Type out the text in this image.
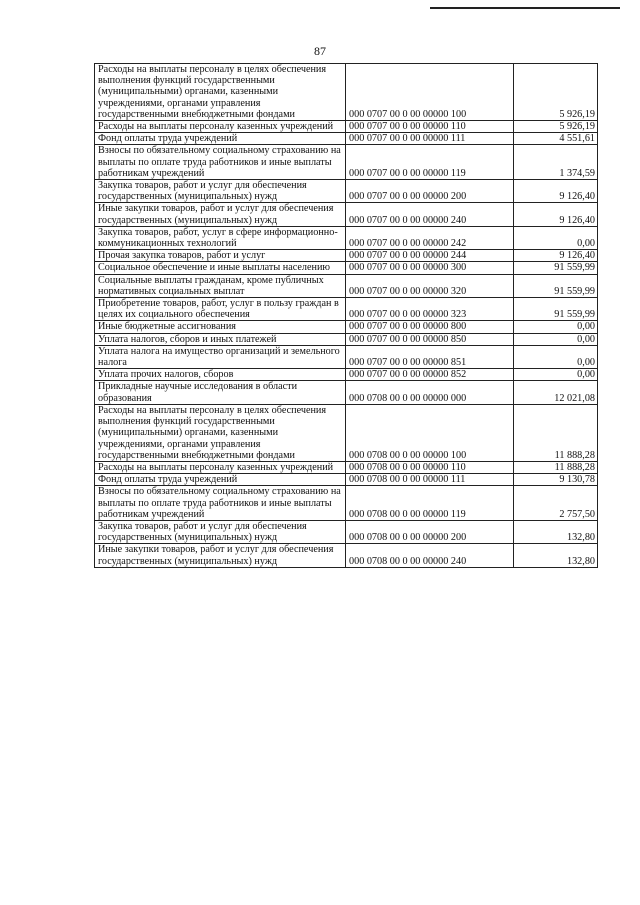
87
Расходы на выплаты персоналу в целях обеспечения выполнения функций государственными (муниципальными) органами, казенными учреждениями, органами управления государственными внебюджетными фондами	000 0707 00 0 00 00000 100	5 926,19
Расходы на выплаты персоналу казенных учреждений	000 0707 00 0 00 00000 110	5 926,19
Фонд оплаты труда учреждений	000 0707 00 0 00 00000 111	4 551,61
Взносы по обязательному социальному страхованию на выплаты по оплате труда работников и иные выплаты работникам учреждений	000 0707 00 0 00 00000 119	1 374,59
Закупка товаров, работ и услуг для обеспечения государственных (муниципальных) нужд	000 0707 00 0 00 00000 200	9 126,40
Иные закупки товаров, работ и услуг для обеспечения государственных (муниципальных) нужд	000 0707 00 0 00 00000 240	9 126,40
Закупка товаров, работ, услуг в сфере информационно-коммуникационных технологий	000 0707 00 0 00 00000 242	0,00
Прочая закупка товаров, работ и услуг	000 0707 00 0 00 00000 244	9 126,40
Социальное обеспечение и иные выплаты населению	000 0707 00 0 00 00000 300	91 559,99
Социальные выплаты гражданам, кроме публичных нормативных социальных выплат	000 0707 00 0 00 00000 320	91 559,99
Приобретение товаров, работ, услуг в пользу граждан в целях их социального обеспечения	000 0707 00 0 00 00000 323	91 559,99
Иные бюджетные ассигнования	000 0707 00 0 00 00000 800	0,00
Уплата налогов, сборов и иных платежей	000 0707 00 0 00 00000 850	0,00
Уплата налога на имущество организаций и земельного налога	000 0707 00 0 00 00000 851	0,00
Уплата прочих налогов, сборов	000 0707 00 0 00 00000 852	0,00
Прикладные научные исследования в области образования	000 0708 00 0 00 00000 000	12 021,08
Расходы на выплаты персоналу в целях обеспечения выполнения функций государственными (муниципальными) органами, казенными учреждениями, органами управления государственными внебюджетными фондами	000 0708 00 0 00 00000 100	11 888,28
Расходы на выплаты персоналу казенных учреждений	000 0708 00 0 00 00000 110	11 888,28
Фонд оплаты труда учреждений	000 0708 00 0 00 00000 111	9 130,78
Взносы по обязательному социальному страхованию на выплаты по оплате труда работников и иные выплаты работникам учреждений	000 0708 00 0 00 00000 119	2 757,50
Закупка товаров, работ и услуг для обеспечения государственных (муниципальных) нужд	000 0708 00 0 00 00000 200	132,80
Иные закупки товаров, работ и услуг для обеспечения государственных (муниципальных) нужд	000 0708 00 0 00 00000 240	132,80
